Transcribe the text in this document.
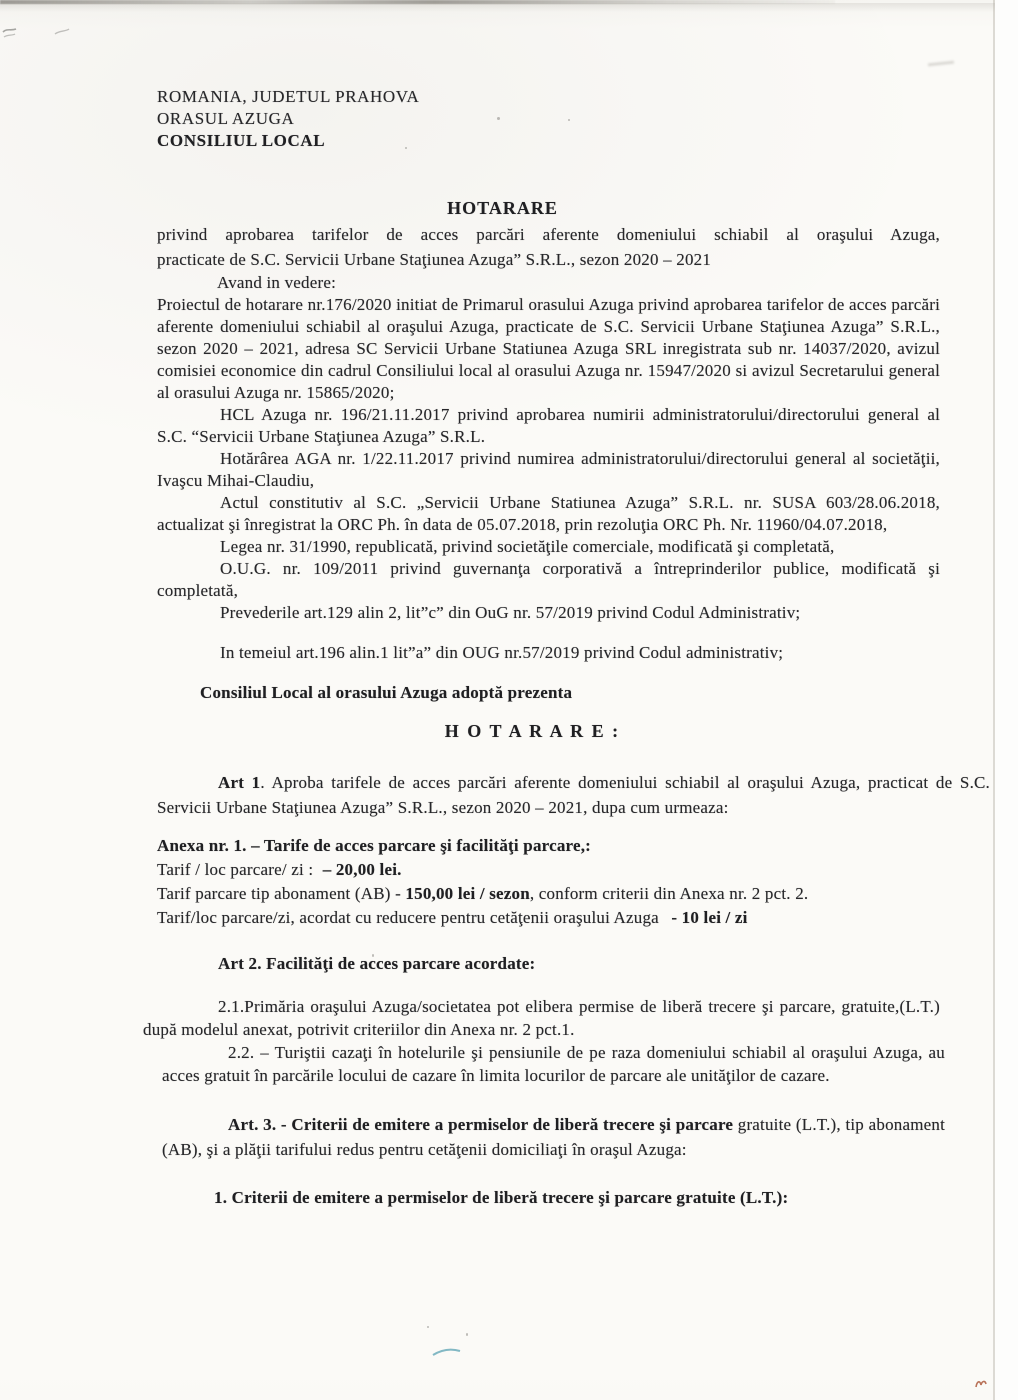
ROMANIA, JUDETUL PRAHOVA
ORASUL AZUGA
CONSILIUL LOCAL
HOTARARE
privind aprobarea tarifelor de acces parcări aferente domeniului schiabil al oraşului Azuga,
practicate de S.C. Servicii Urbane Staţiunea Azuga” S.R.L., sezon 2020 – 2021

Avand in vedere:

Proiectul de hotarare nr.176/2020 initiat de Primarul orasului Azuga privind aprobarea tarifelor de acces parcări aferente domeniului schiabil al oraşului Azuga, practicate de S.C. Servicii Urbane Staţiunea Azuga” S.R.L., sezon 2020 – 2021, adresa SC Servicii Urbane Statiunea Azuga SRL inregistrata sub nr. 14037/2020, avizul comisiei economice din cadrul Consiliului local al orasului Azuga nr. 15947/2020 si avizul Secretarului general al orasului Azuga nr. 15865/2020;

HCL Azuga nr. 196/21.11.2017 privind aprobarea numirii administratorului/directorului general al S.C. “Servicii Urbane Staţiunea Azuga” S.R.L.

Hotărârea AGA nr. 1/22.11.2017 privind numirea administratorului/directorului general al societăţii, Ivaşcu Mihai-Claudiu,

Actul constitutiv al S.C. „Servicii Urbane Statiunea Azuga” S.R.L. nr. SUSA 603/28.06.2018, actualizat şi înregistrat la ORC Ph. în data de 05.07.2018, prin rezoluţia ORC Ph. Nr. 11960/04.07.2018,

Legea nr. 31/1990, republicată, privind societăţile comerciale, modificată şi completată,

O.U.G. nr. 109/2011 privind guvernanţa corporativă a întreprinderilor publice, modificată şi completată,

Prevederile art.129 alin 2, lit”c” din OuG nr. 57/2019 privind Codul Administrativ;

In temeiul art.196 alin.1 lit”a” din OUG nr.57/2019 privind Codul administrativ;

Consiliul Local al orasului Azuga adoptă prezenta

H O T A R A R E :

Art 1. Aproba tarifele de acces parcări aferente domeniului schiabil al oraşului Azuga, practicat de S.C. Servicii Urbane Staţiunea Azuga” S.R.L., sezon 2020 – 2021, dupa cum urmeaza:

Anexa nr. 1. – Tarife de acces parcare şi facilităţi parcare,:
Tarif / loc parcare/ zi : – 20,00 lei.
Tarif parcare tip abonament (AB) - 150,00 lei / sezon, conform criterii din Anexa nr. 2 pct. 2.
Tarif/loc parcare/zi, acordat cu reducere pentru cetăţenii oraşului Azuga - 10 lei / zi
Art 2. Facilităţi de acces parcare acordate:

2.1.Primăria oraşului Azuga/societatea pot elibera permise de liberă trecere şi parcare, gratuite,(L.T.) după modelul anexat, potrivit criteriilor din Anexa nr. 2 pct.1.

2.2. – Turiştii cazaţi în hotelurile şi pensiunile de pe raza domeniului schiabil al oraşului Azuga, au acces gratuit în parcările locului de cazare în limita locurilor de parcare ale unităţilor de cazare.

Art. 3. - Criterii de emitere a permiselor de liberă trecere şi parcare gratuite (L.T.), tip abonament (AB), şi a plăţii tarifului redus pentru cetăţenii domiciliaţi în oraşul Azuga:

1. Criterii de emitere a permiselor de liberă trecere şi parcare gratuite (L.T.):
